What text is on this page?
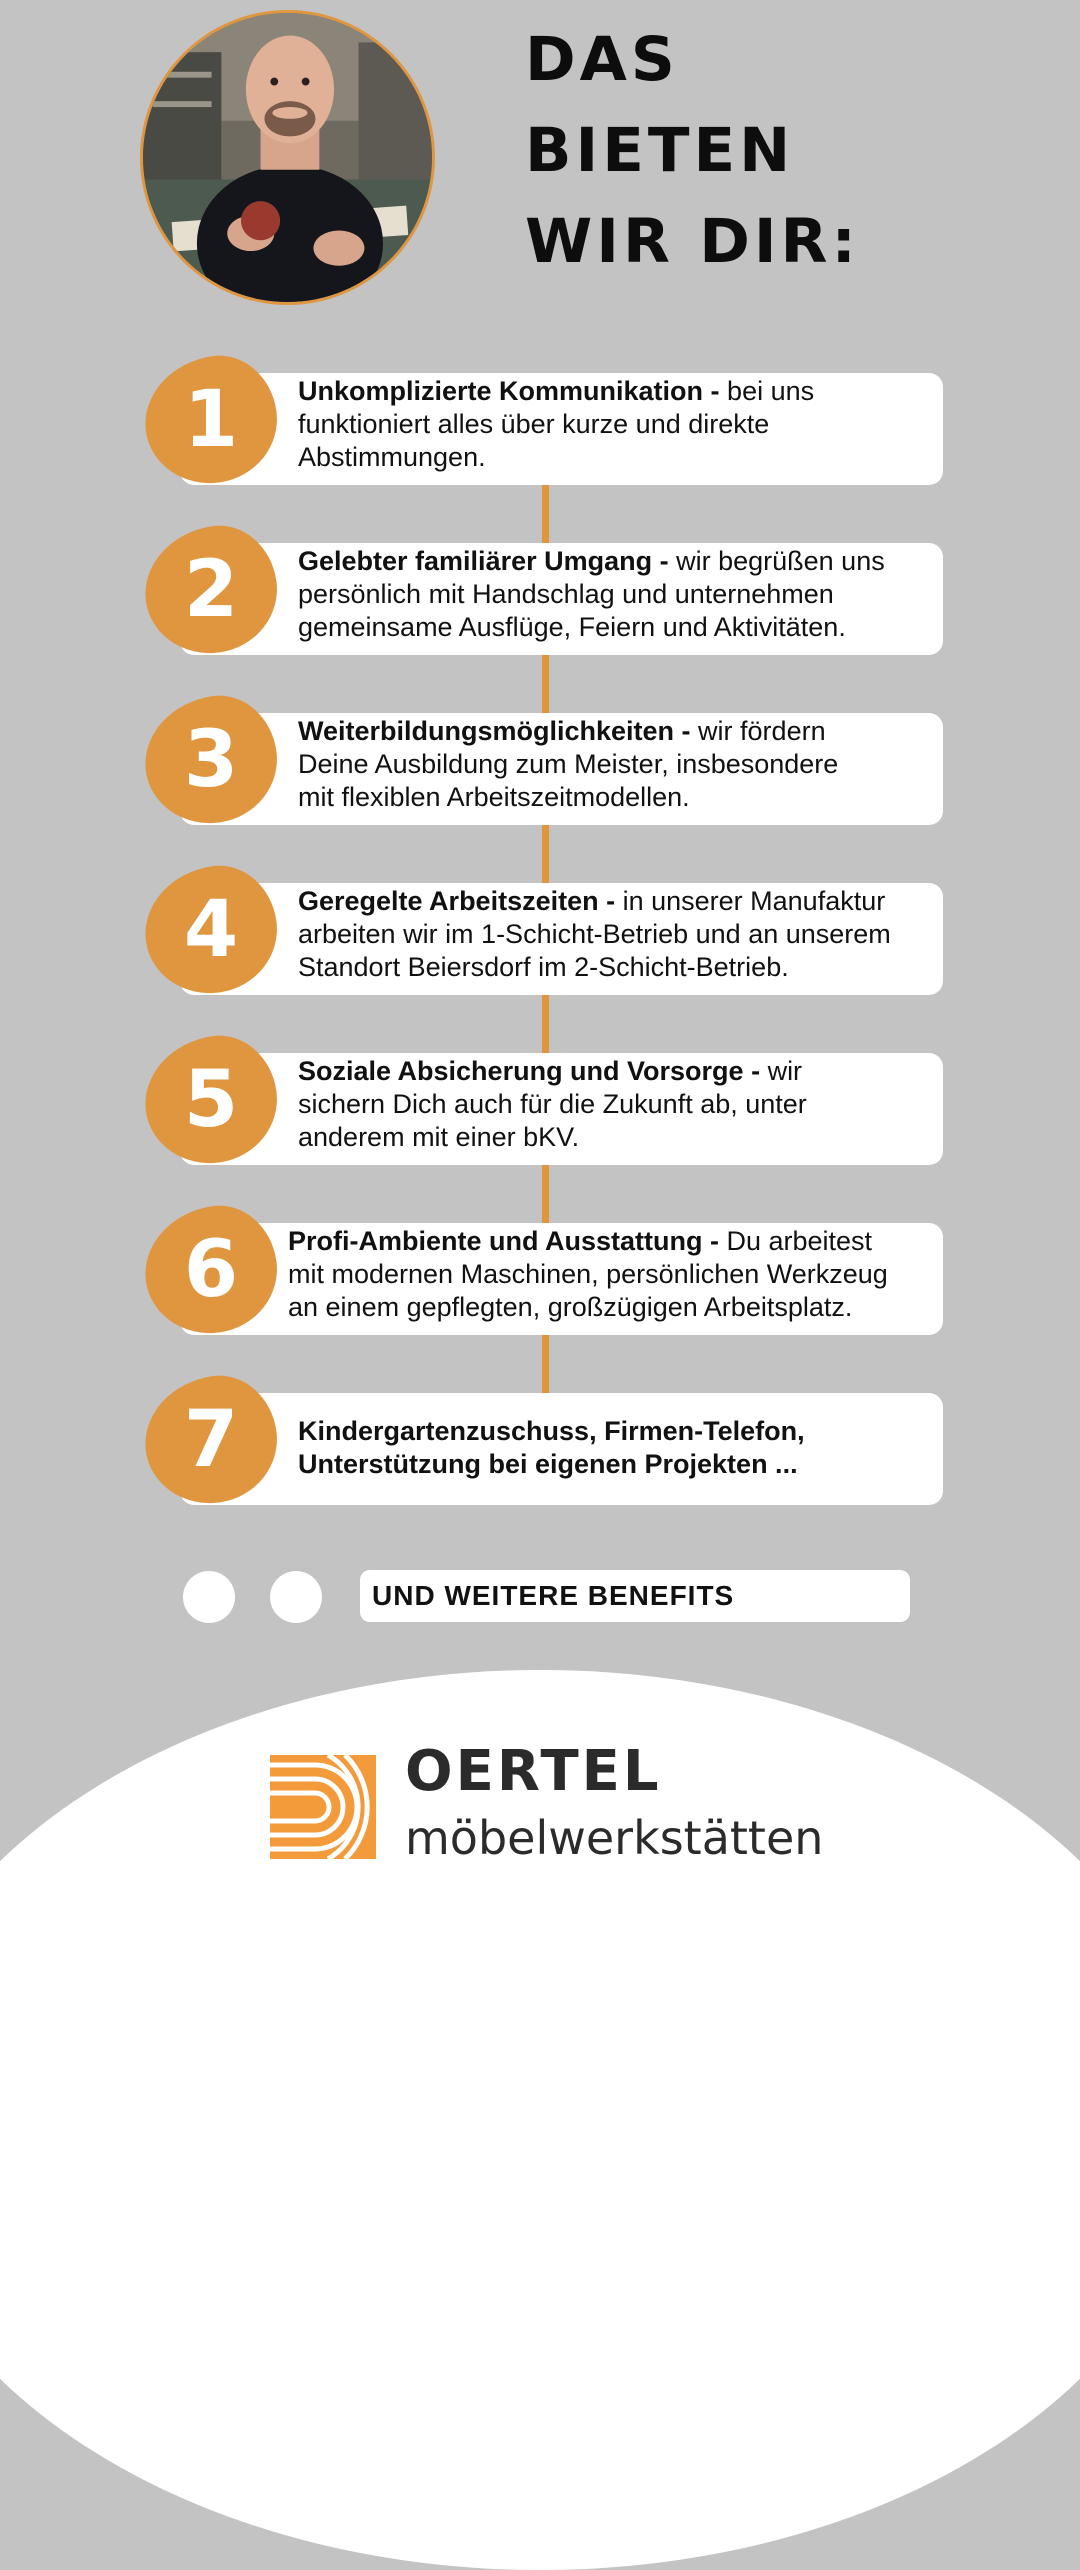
DAS
BIETEN
WIR DIR:
1	Unkomplizierte Kommunikation - bei uns
funktioniert alles über kurze und direkte
Abstimmungen.
2	Gelebter familiärer Umgang - wir begrüßen uns
persönlich mit Handschlag und unternehmen
gemeinsame Ausflüge, Feiern und Aktivitäten.
3	Weiterbildungsmöglichkeiten - wir fördern
Deine Ausbildung zum Meister, insbesondere
mit flexiblen Arbeitszeitmodellen.
4	Geregelte Arbeitszeiten - in unserer Manufaktur
arbeiten wir im 1-Schicht-Betrieb und an unserem
Standort Beiersdorf im 2-Schicht-Betrieb.
5	Soziale Absicherung und Vorsorge - wir
sichern Dich auch für die Zukunft ab, unter
anderem mit einer bKV.
6	Profi-Ambiente und Ausstattung - Du arbeitest
mit modernen Maschinen, persönlichen Werkzeug
an einem gepflegten, großzügigen Arbeitsplatz.
7	Kindergartenzuschuss, Firmen-Telefon,
Unterstützung bei eigenen Projekten ...
UND WEITERE BENEFITS

OERTEL

möbelwerkstätten
